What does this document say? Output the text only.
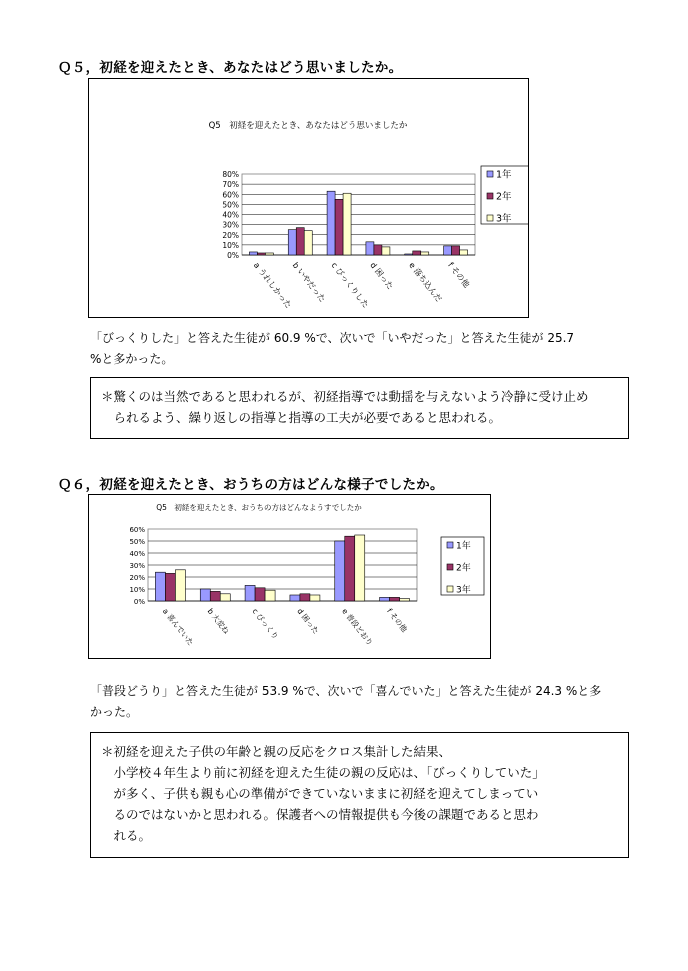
Ｑ５，初経を迎えたとき、あなたはどう思いましたか。
Q5　初経を迎えたとき、あなたはどう思いましたか
80%
70%
60%
50%
40%
30%
20%
10%
0%
a うれしかった
b いやだった c びっくりした
d 困った e 落ち込んだ f その他
1年
2年
3年
「びっくりした」と答えた生徒が 60.9 %で、次いで「いやだった」と答えた生徒が 25.7
%と多かった。
＊驚くのは当然であると思われるが、初経指導では動揺を与えないよう冷静に受け止め
　られるよう、繰り返しの指導と指導の工夫が必要であると思われる。
Ｑ６，初経を迎えたとき、おうちの方はどんな様子でしたか。
Q5　初経を迎えたとき、おうちの方はどんなようすでしたか
60%
50%
40%
30%
20%
10%
0%
a 喜んでいた b 大変ね	c びっくり d 困った	e 普段どおり f その他
1年
2年
3年
「普段どうり」と答えた生徒が 53.9 %で、次いで「喜んでいた」と答えた生徒が 24.3 %と多
かった。
＊初経を迎えた子供の年齢と親の反応をクロス集計した結果、
　小学校４年生より前に初経を迎えた生徒の親の反応は、「びっくりしていた」
　が多く、子供も親も心の準備ができていないままに初経を迎えてしまってい
　るのではないかと思われる。保護者への情報提供も今後の課題であると思わ
　れる。
